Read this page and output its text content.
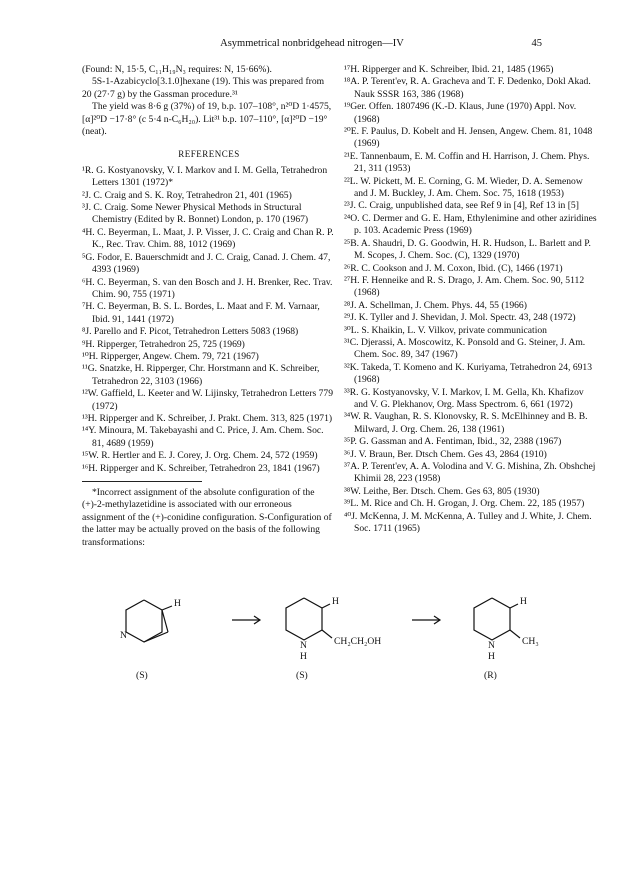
Asymmetrical nonbridgehead nitrogen—IV	45

(Found: N, 15·5, C₁₁H₁₉N₃ requires: N, 15·66%).

5S-1-Azabicyclo[3.1.0]hexane (19). This was prepared from 20 (27·7 g) by the Gassman procedure.³¹

The yield was 8·6 g (37%) of 19, b.p. 107–108°, n²⁰D 1·4575, [α]²⁰D −17·8° (c 5·4 n-C₆H₂₀). Lit³¹ b.p. 107–110°, [α]²⁰D −19° (neat).

REFERENCES

¹R. G. Kostyanovsky, V. I. Markov and I. M. Gella, Tetrahedron Letters 1301 (1972)*

²J. C. Craig and S. K. Roy, Tetrahedron 21, 401 (1965)

³J. C. Craig. Some Newer Physical Methods in Structural Chemistry (Edited by R. Bonnet) London, p. 170 (1967)

⁴H. C. Beyerman, L. Maat, J. P. Visser, J. C. Craig and Chan R. P. K., Rec. Trav. Chim. 88, 1012 (1969)

⁵G. Fodor, E. Bauerschmidt and J. C. Craig, Canad. J. Chem. 47, 4393 (1969)

⁶H. C. Beyerman, S. van den Bosch and J. H. Brenker, Rec. Trav. Chim. 90, 755 (1971)

⁷H. C. Beyerman, B. S. L. Bordes, L. Maat and F. M. Varnaar, Ibid. 91, 1441 (1972)

⁸J. Parello and F. Picot, Tetrahedron Letters 5083 (1968)

⁹H. Ripperger, Tetrahedron 25, 725 (1969)

¹⁰H. Ripperger, Angew. Chem. 79, 721 (1967)

¹¹G. Snatzke, H. Ripperger, Chr. Horstmann and K. Schreiber, Tetrahedron 22, 3103 (1966)

¹²W. Gaffield, L. Keeter and W. Lijinsky, Tetrahedron Letters 779 (1972)

¹³H. Ripperger and K. Schreiber, J. Prakt. Chem. 313, 825 (1971)

¹⁴Y. Minoura, M. Takebayashi and C. Price, J. Am. Chem. Soc. 81, 4689 (1959)

¹⁵W. R. Hertler and E. J. Corey, J. Org. Chem. 24, 572 (1959)

¹⁶H. Ripperger and K. Schreiber, Tetrahedron 23, 1841 (1967)

*Incorrect assignment of the absolute configuration of the (+)-2-methylazetidine is associated with our erroneous assignment of the (+)-conidine configuration. S-Configuration of the latter may be actually proved on the basis of the following transformations:

¹⁷H. Ripperger and K. Schreiber, Ibid. 21, 1485 (1965)

¹⁸A. P. Terent'ev, R. A. Gracheva and T. F. Dedenko, Dokl Akad. Nauk SSSR 163, 386 (1968)

¹⁹Ger. Offen. 1807496 (K.-D. Klaus, June (1970) Appl. Nov. (1968)

²⁰E. F. Paulus, D. Kobelt and H. Jensen, Angew. Chem. 81, 1048 (1969)

²¹E. Tannenbaum, E. M. Coffin and H. Harrison, J. Chem. Phys. 21, 311 (1953)

²²L. W. Pickett, M. E. Corning, G. M. Wieder, D. A. Semenow and J. M. Buckley, J. Am. Chem. Soc. 75, 1618 (1953)

²³J. C. Craig, unpublished data, see Ref 9 in [4], Ref 13 in [5]

²⁴O. C. Dermer and G. E. Ham, Ethylenimine and other aziridines p. 103. Academic Press (1969)

²⁵B. A. Shaudri, D. G. Goodwin, H. R. Hudson, L. Barlett and P. M. Scopes, J. Chem. Soc. (C), 1329 (1970)

²⁶R. C. Cookson and J. M. Coxon, Ibid. (C), 1466 (1971)

²⁷H. F. Henneike and R. S. Drago, J. Am. Chem. Soc. 90, 5112 (1968)

²⁸J. A. Schellman, J. Chem. Phys. 44, 55 (1966)

²⁹J. K. Tyller and J. Shevidan, J. Mol. Spectr. 43, 248 (1972)

³⁰L. S. Khaikin, L. V. Vilkov, private communication

³¹C. Djerassi, A. Moscowitz, K. Ponsold and G. Steiner, J. Am. Chem. Soc. 89, 347 (1967)

³²K. Takeda, T. Komeno and K. Kuriyama, Tetrahedron 24, 6913 (1968)

³³R. G. Kostyanovsky, V. I. Markov, I. M. Gella, Kh. Khafizov and V. G. Plekhanov, Org. Mass Spectrom. 6, 661 (1972)

³⁴W. R. Vaughan, R. S. Klonovsky, R. S. McElhinney and B. B. Milward, J. Org. Chem. 26, 138 (1961)

³⁵P. G. Gassman and A. Fentiman, Ibid., 32, 2388 (1967)

³⁶J. V. Braun, Ber. Dtsch Chem. Ges 43, 2864 (1910)

³⁷A. P. Terent'ev, A. A. Volodina and V. G. Mishina, Zh. Obshchej Khimii 28, 223 (1958)

³⁸W. Leithe, Ber. Dtsch. Chem. Ges 63, 805 (1930)

³⁹L. M. Rice and Ch. H. Grogan, J. Org. Chem. 22, 185 (1957)

⁴⁰J. McKenna, J. M. McKenna, A. Tulley and J. White, J. Chem. Soc. 1711 (1965)

N
H
(S)
N
H
H
CH₂CH₂OH
(S)
N
H
H
CH₃
(R)
